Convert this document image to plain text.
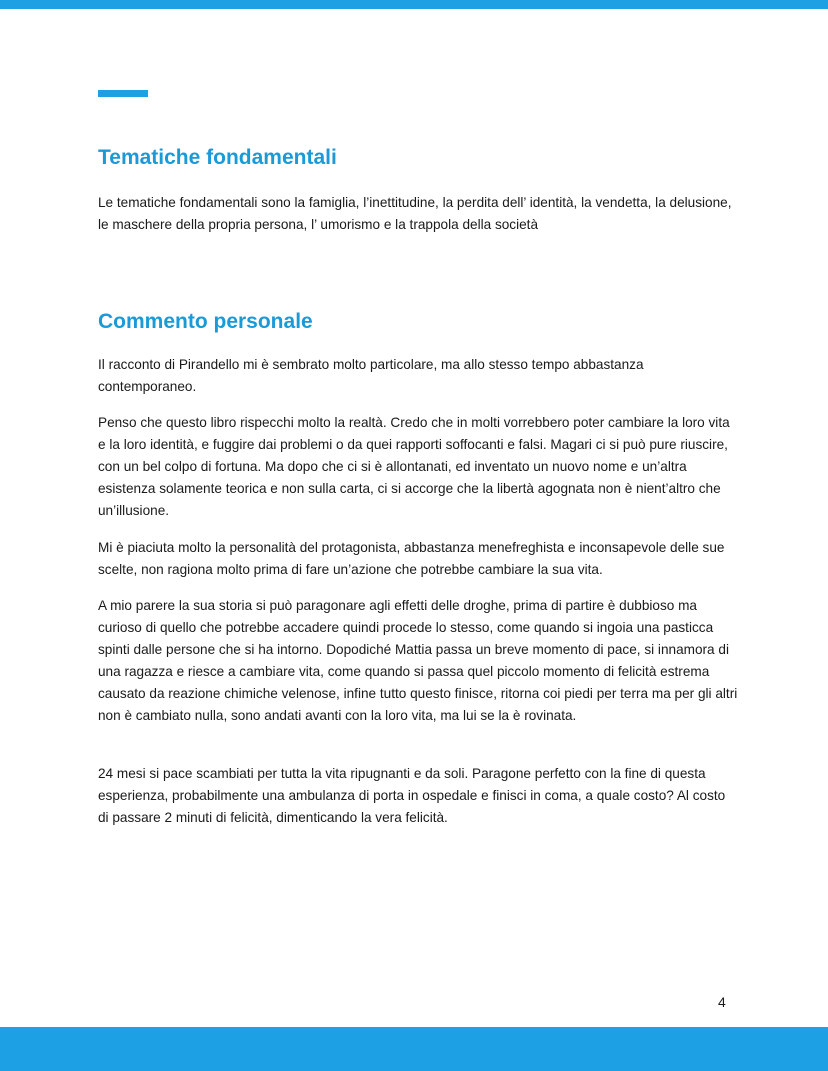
Tematiche fondamentali

Le tematiche fondamentali sono la famiglia, l’inettitudine, la perdita dell’ identità, la vendetta, la delusione, le maschere della propria persona, l’ umorismo e la trappola della società

Commento personale

Il racconto di Pirandello mi è sembrato molto particolare, ma allo stesso tempo abbastanza contemporaneo.

Penso che questo libro rispecchi molto la realtà. Credo che in molti vorrebbero poter cambiare la loro vita e la loro identità, e fuggire dai problemi o da quei rapporti soffocanti e falsi. Magari ci si può pure riuscire, con un bel colpo di fortuna. Ma dopo che ci si è allontanati, ed inventato un nuovo nome e un’altra esistenza solamente teorica e non sulla carta, ci si accorge che la libertà agognata non è nient’altro che un’illusione.

Mi è piaciuta molto la personalità del protagonista, abbastanza menefreghista e inconsapevole delle sue scelte, non ragiona molto prima di fare un’azione che potrebbe cambiare la sua vita.

A mio parere la sua storia si può paragonare agli effetti delle droghe, prima di partire è dubbioso ma curioso di quello che potrebbe accadere quindi procede lo stesso, come quando si ingoia una pasticca spinti dalle persone che si ha intorno. Dopodiché Mattia passa un breve momento di pace, si innamora di una ragazza e riesce a cambiare vita, come quando si passa quel piccolo momento di felicità estrema causato da reazione chimiche velenose, infine tutto questo finisce, ritorna coi piedi per terra ma per gli altri non è cambiato nulla, sono andati avanti con la loro vita, ma lui se la è rovinata.

24 mesi si pace scambiati per tutta la vita ripugnanti e da soli. Paragone perfetto con la fine di questa esperienza, probabilmente una ambulanza di porta in ospedale e finisci in coma, a quale costo? Al costo di passare 2 minuti di felicità, dimenticando la vera felicità.

4
